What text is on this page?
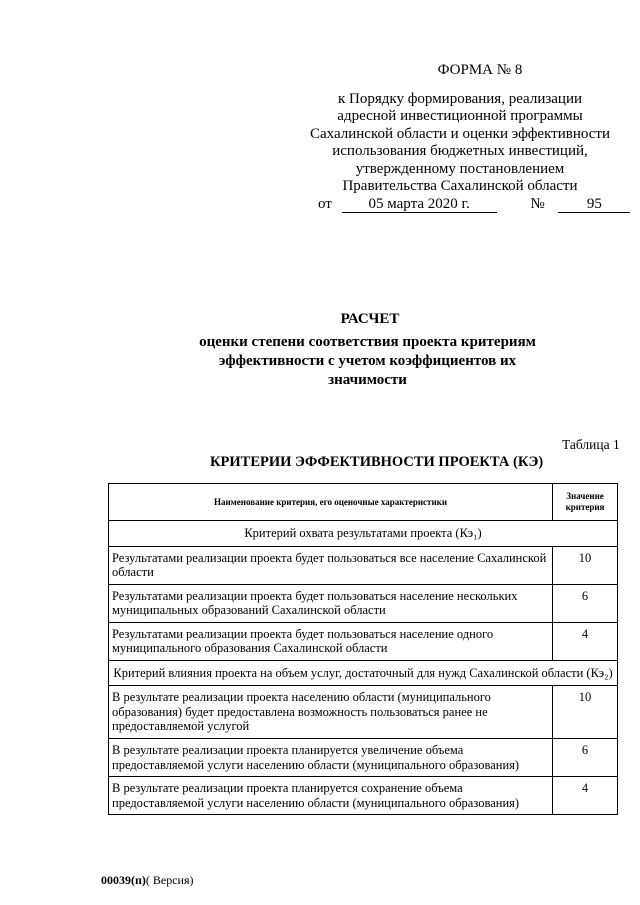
ФОРМА № 8
к Порядку формирования, реализации
адресной инвестиционной программы
Сахалинской области и оценки эффективности
использования бюджетных инвестиций,
утвержденному постановлением
Правительства Сахалинской области
от 05 марта 2020 г.	№	95
РАСЧЕТ
оценки степени соответствия проекта критериям эффективности с учетом коэффициентов их значимости
Таблица 1
КРИТЕРИИ ЭФФЕКТИВНОСТИ ПРОЕКТА (КЭ)
Наименование критерия, его оценочные характеристики	Значение критерия
Критерий охвата результатами проекта (Кэ₁)	
Результатами реализации проекта будет пользоваться все население Сахалинской области	10
Результатами реализации проекта будет пользоваться население нескольких муниципальных образований Сахалинской области	6
Результатами реализации проекта будет пользоваться население одного муниципального образования Сахалинской области	4
Критерий влияния проекта на объем услуг, достаточный для нужд Сахалинской области (Кэ₂)	
В результате реализации проекта населению области (муниципального образования) будет предоставлена возможность пользоваться ранее не предоставляемой услугой	10
В результате реализации проекта планируется увеличение объема предоставляемой услуги населению области (муниципального образования)	6
В результате реализации проекта планируется сохранение объема предоставляемой услуги населению области (муниципального образования)	4
00039(п)( Версия)
